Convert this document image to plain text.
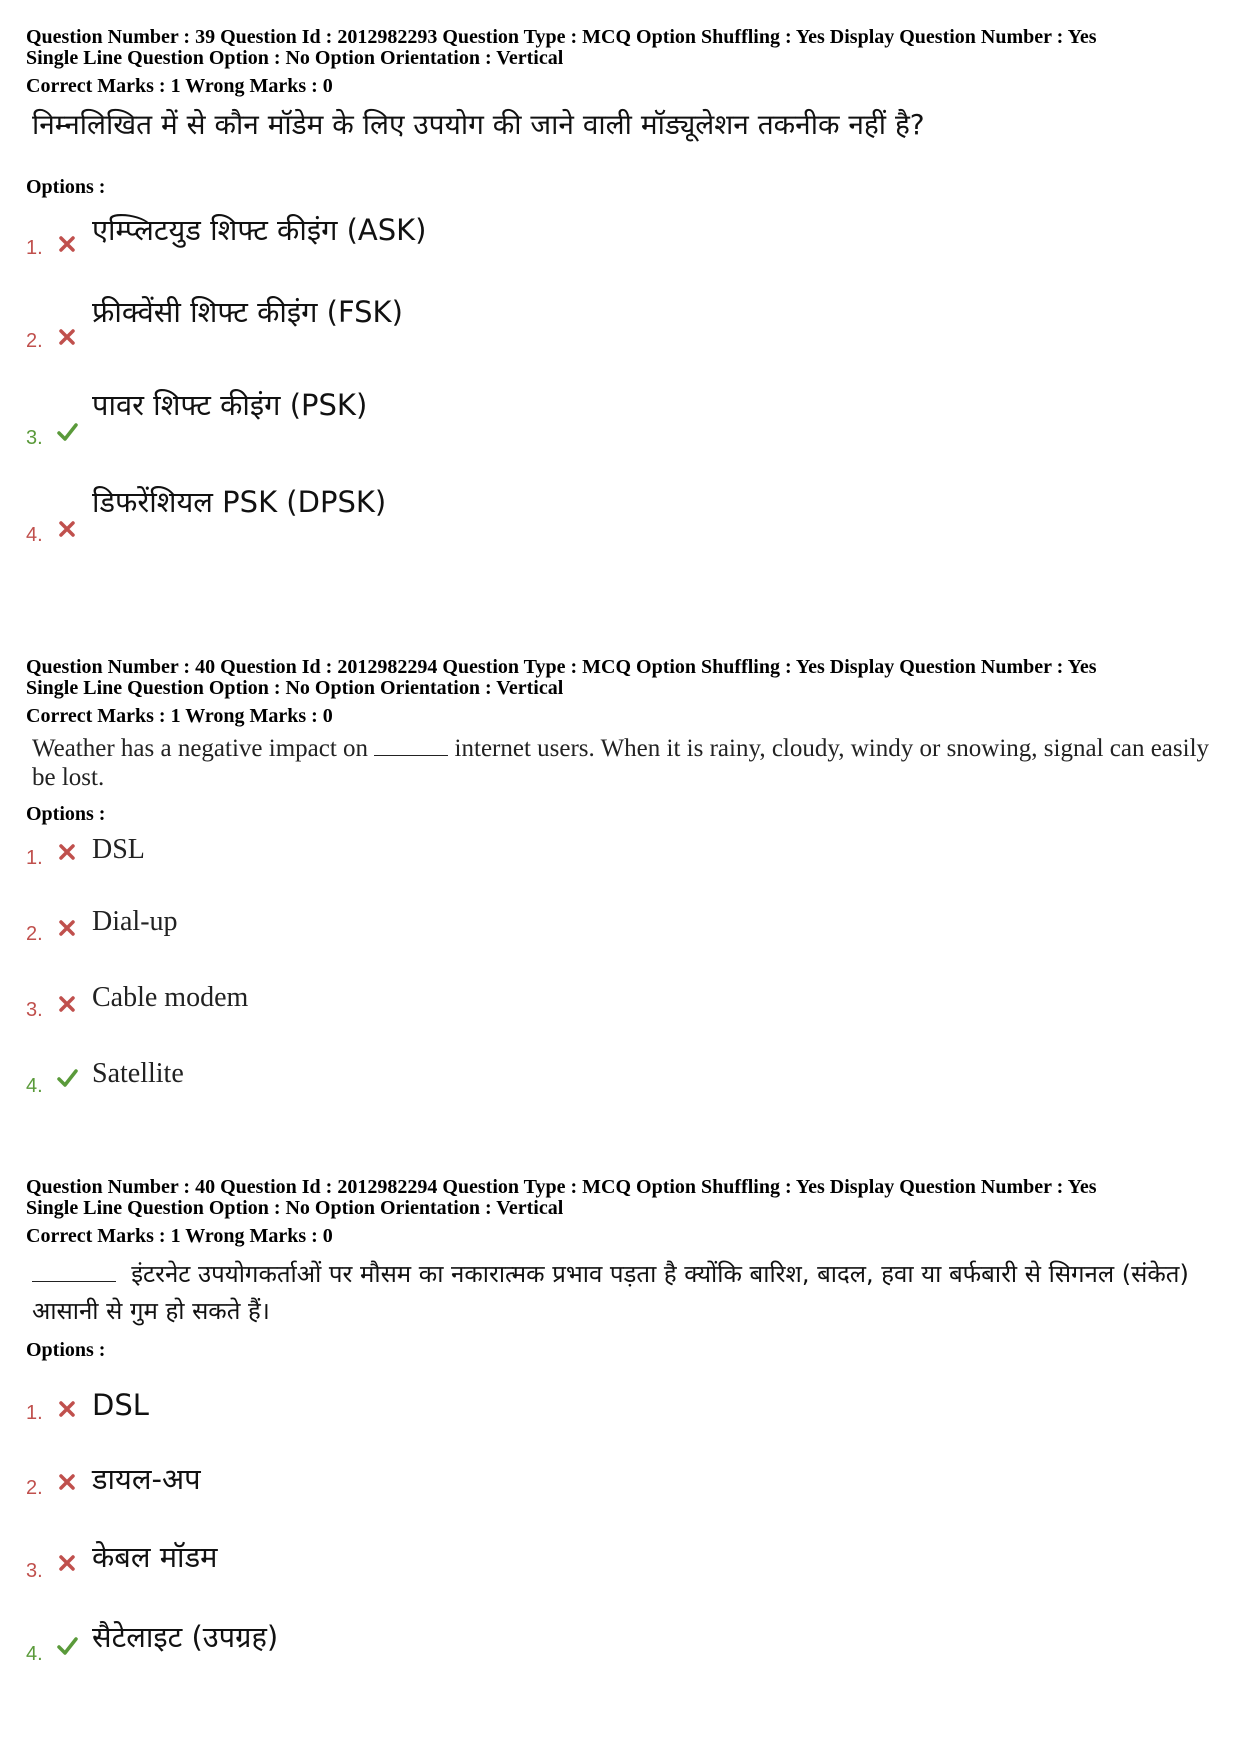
Question Number : 39 Question Id : 2012982293 Question Type : MCQ Option Shuffling : Yes Display Question Number : Yes
Single Line Question Option : No Option Orientation : Vertical
Correct Marks : 1 Wrong Marks : 0
निम्नलिखित में से कौन मॉडेम के लिए उपयोग की जाने वाली मॉड्यूलेशन तकनीक नहीं है?
Options :
1.
एम्प्लिटयुड शिफ्ट कीइंग (ASK)
2.
फ्रीक्वेंसी शिफ्ट कीइंग (FSK)
3.
पावर शिफ्ट कीइंग (PSK)
4.
डिफरेंशियल PSK (DPSK)
Question Number : 40 Question Id : 2012982294 Question Type : MCQ Option Shuffling : Yes Display Question Number : Yes
Single Line Question Option : No Option Orientation : Vertical
Correct Marks : 1 Wrong Marks : 0
Weather has a negative impact on	internet users. When it is rainy, cloudy, windy or snowing, signal can easily be lost.
Options :
1. DSL
2. Dial-up
3. Cable modem
4. Satellite
Question Number : 40 Question Id : 2012982294 Question Type : MCQ Option Shuffling : Yes Display Question Number : Yes
Single Line Question Option : No Option Orientation : Vertical
Correct Marks : 1 Wrong Marks : 0
इंटरनेट उपयोगकर्ताओं पर मौसम का नकारात्मक प्रभाव पड़ता है क्योंकि बारिश, बादल, हवा या बर्फबारी से सिगनल (संकेत) आसानी से गुम हो सकते हैं।
Options :
1. DSL
2. डायल-अप
3. केबल मॉडम
4. सैटेलाइट (उपग्रह)
